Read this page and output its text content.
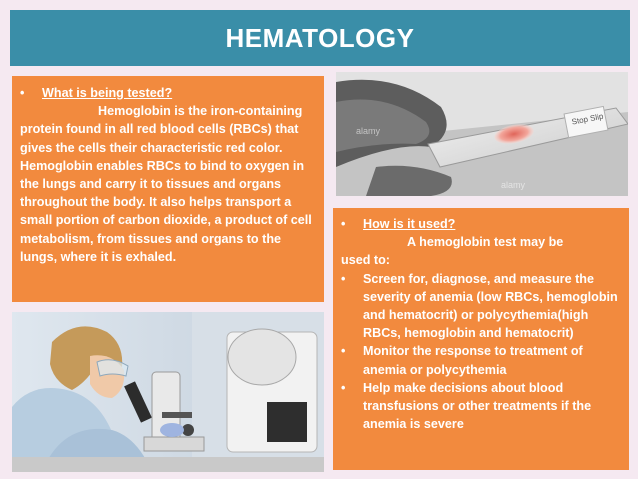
HEMATOLOGY
•	What is being tested?
Hemoglobin is the iron-containing
protein found in all red blood cells (RBCs) that gives the cells their characteristic red color. Hemoglobin enables RBCs to bind to oxygen in the lungs and carry it to tissues and organs throughout the body. It also helps transport a small portion of carbon dioxide, a product of cell metabolism, from tissues and organs to the lungs, where it is exhaled.
Stop Slip
alamy
alamy
•	How is it used?
A hemoglobin test may be
used to:
•	Screen for, diagnose, and measure the severity of anemia (low RBCs, hemoglobin and hematocrit) or polycythemia(high RBCs, hemoglobin and hematocrit)
•	Monitor the response to treatment of anemia or polycythemia
•	Help make decisions about blood transfusions or other treatments if the anemia is severe
